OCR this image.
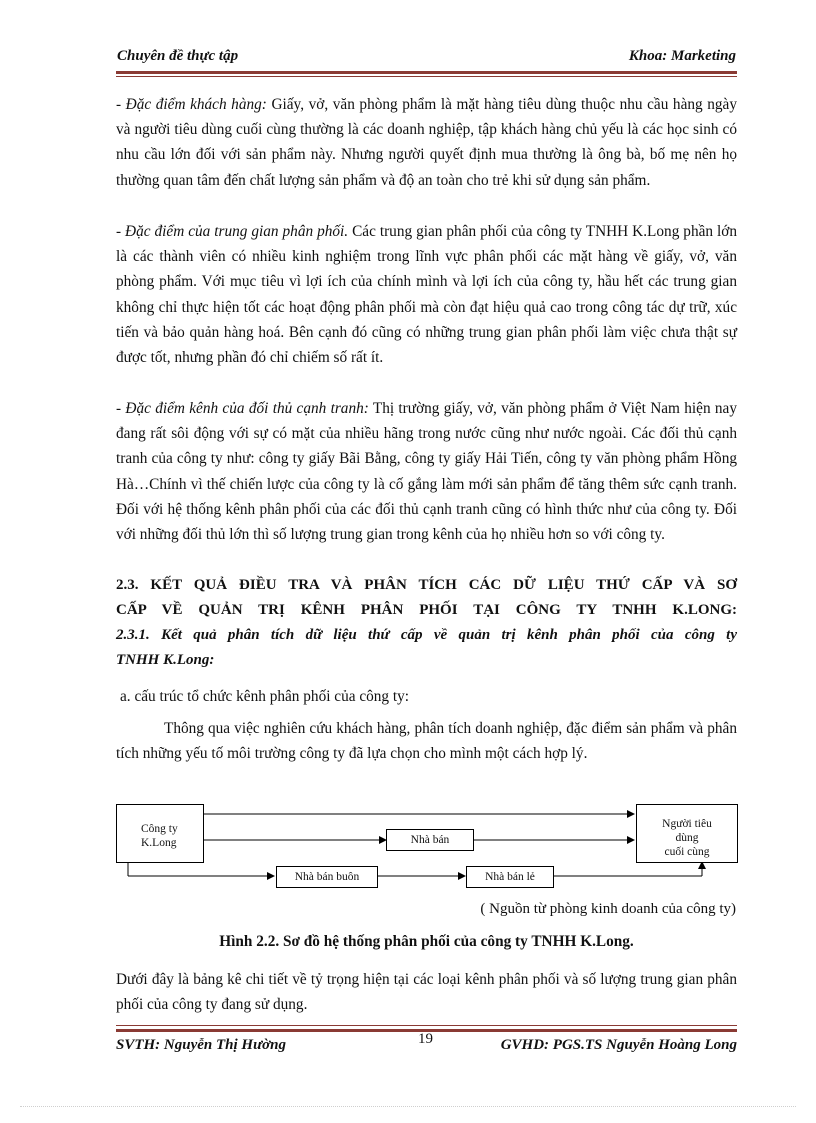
Chuyên đề thực tập	Khoa: Marketing

- Đặc điểm khách hàng: Giấy, vở, văn phòng phẩm là mặt hàng tiêu dùng thuộc nhu cầu hàng ngày và người tiêu dùng cuối cùng thường là các doanh nghiệp, tập khách hàng chủ yếu là các học sinh có nhu cầu lớn đối với sản phẩm này. Nhưng người quyết định mua thường là ông bà, bố mẹ nên họ thường quan tâm đến chất lượng sản phẩm và độ an toàn cho trẻ khi sử dụng sản phẩm.

- Đặc điểm của trung gian phân phối. Các trung gian phân phối của công ty TNHH K.Long phần lớn là các thành viên có nhiều kinh nghiệm trong lĩnh vực phân phối các mặt hàng về giấy, vở, văn phòng phẩm. Với mục tiêu vì lợi ích của chính mình và lợi ích của công ty, hầu hết các trung gian không chỉ thực hiện tốt các hoạt động phân phối mà còn đạt hiệu quả cao trong công tác dự trữ, xúc tiến và bảo quản hàng hoá. Bên cạnh đó cũng có những trung gian phân phối làm việc chưa thật sự được tốt, nhưng phần đó chỉ chiếm số rất ít.

- Đặc điểm kênh của đối thủ cạnh tranh: Thị trường giấy, vở, văn phòng phẩm ở Việt Nam hiện nay đang rất sôi động với sự có mặt của nhiều hãng trong nước cũng như nước ngoài. Các đối thủ cạnh tranh của công ty như: công ty giấy Bãi Bằng, công ty giấy Hải Tiến, công ty văn phòng phẩm Hồng Hà…Chính vì thế chiến lược của công ty là cố gắng làm mới sản phẩm để tăng thêm sức cạnh tranh. Đối với hệ thống kênh phân phối của các đối thủ cạnh tranh cũng có hình thức như của công ty. Đối với những đối thủ lớn thì số lượng trung gian trong kênh của họ nhiều hơn so với công ty.

2.3. KẾT QUẢ ĐIỀU TRA VÀ PHÂN TÍCH CÁC DỮ LIỆU THỨ CẤP VÀ SƠ
CẤP VỀ QUẢN TRỊ KÊNH PHÂN PHỐI TẠI CÔNG TY TNHH K.LONG:
2.3.1. Kết quả phân tích dữ liệu thứ cấp về quản trị kênh phân phối của công ty
TNHH K.Long:
a. cấu trúc tổ chức kênh phân phối của công ty:

Thông qua việc nghiên cứu khách hàng, phân tích doanh nghiệp, đặc điểm sản phẩm và phân tích những yếu tố môi trường công ty đã lựa chọn cho mình một cách hợp lý.

Công ty
K.Long	Nhà bán
Nhà bán buôn	Nhà bán lẻ
Người tiêu
dùng
cuối cùng
( Nguồn từ phòng kinh doanh của công ty)
Hình 2.2. Sơ đồ hệ thống phân phối của công ty TNHH K.Long.

Dưới đây là bảng kê chi tiết về tỷ trọng hiện tại các loại kênh phân phối và số lượng trung gian phân phối của công ty đang sử dụng.

19
SVTH: Nguyễn Thị Hường	GVHD: PGS.TS Nguyễn Hoàng Long
